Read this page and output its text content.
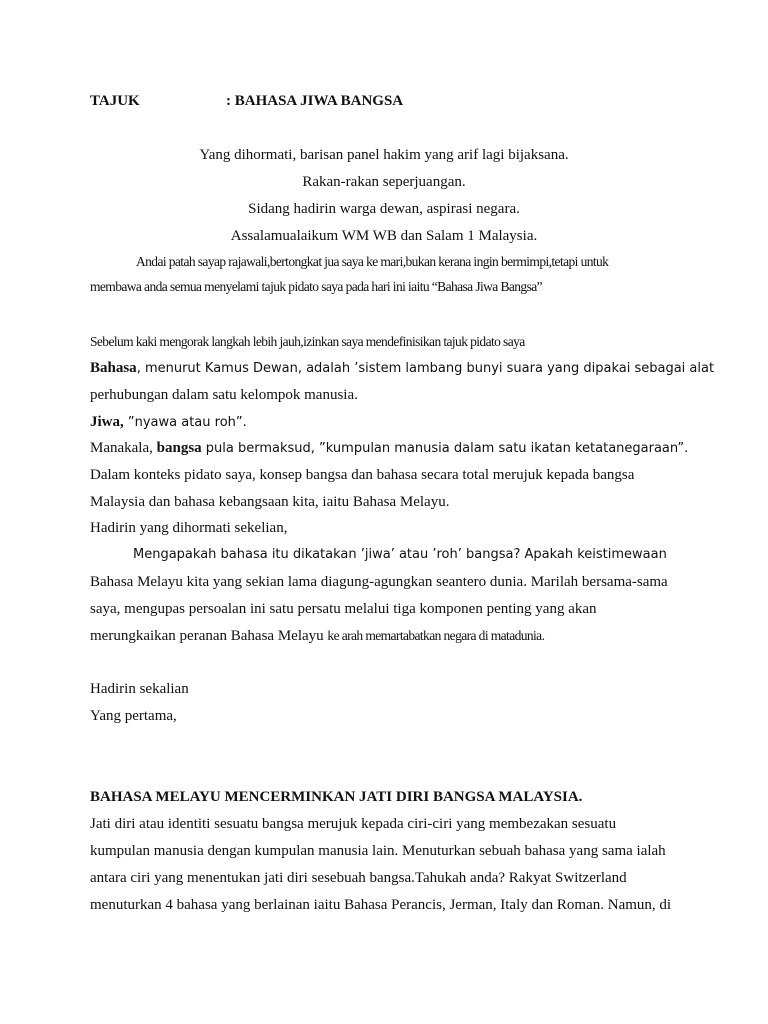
TAJUK	: BAHASA JIWA BANGSA
Yang dihormati, barisan panel hakim yang arif lagi bijaksana.
Rakan-rakan seperjuangan.
Sidang hadirin warga dewan, aspirasi negara.
Assalamualaikum WM WB dan Salam 1 Malaysia.
Andai patah sayap rajawali,bertongkat jua saya ke mari,bukan kerana ingin bermimpi,tetapi untuk
membawa anda semua menyelami tajuk pidato saya pada hari ini iaitu “Bahasa Jiwa Bangsa”
Sebelum kaki mengorak langkah lebih jauh,izinkan saya mendefinisikan tajuk pidato saya
Bahasa, menurut Kamus Dewan, adalah ’sistem lambang bunyi suara yang dipakai sebagai alat
perhubungan dalam satu kelompok manusia.
Jiwa, ”nyawa atau roh”.
Manakala, bangsa pula bermaksud, ”kumpulan manusia dalam satu ikatan ketatanegaraan”.
Dalam konteks pidato saya, konsep bangsa dan bahasa secara total merujuk kepada bangsa
Malaysia dan bahasa kebangsaan kita, iaitu Bahasa Melayu.
Hadirin yang dihormati sekelian,
Mengapakah bahasa itu dikatakan ’jiwa’ atau ’roh’ bangsa? Apakah keistimewaan
Bahasa Melayu kita yang sekian lama diagung-agungkan seantero dunia. Marilah bersama-sama
saya, mengupas persoalan ini satu persatu melalui tiga komponen penting yang akan
merungkaikan peranan Bahasa Melayu ke arah memartabatkan negara di matadunia.
Hadirin sekalian
Yang pertama,
BAHASA MELAYU MENCERMINKAN JATI DIRI BANGSA MALAYSIA.
Jati diri atau identiti sesuatu bangsa merujuk kepada ciri-ciri yang membezakan sesuatu
kumpulan manusia dengan kumpulan manusia lain. Menuturkan sebuah bahasa yang sama ialah
antara ciri yang menentukan jati diri sesebuah bangsa.Tahukah anda? Rakyat Switzerland
menuturkan 4 bahasa yang berlainan iaitu Bahasa Perancis, Jerman, Italy dan Roman. Namun, di
